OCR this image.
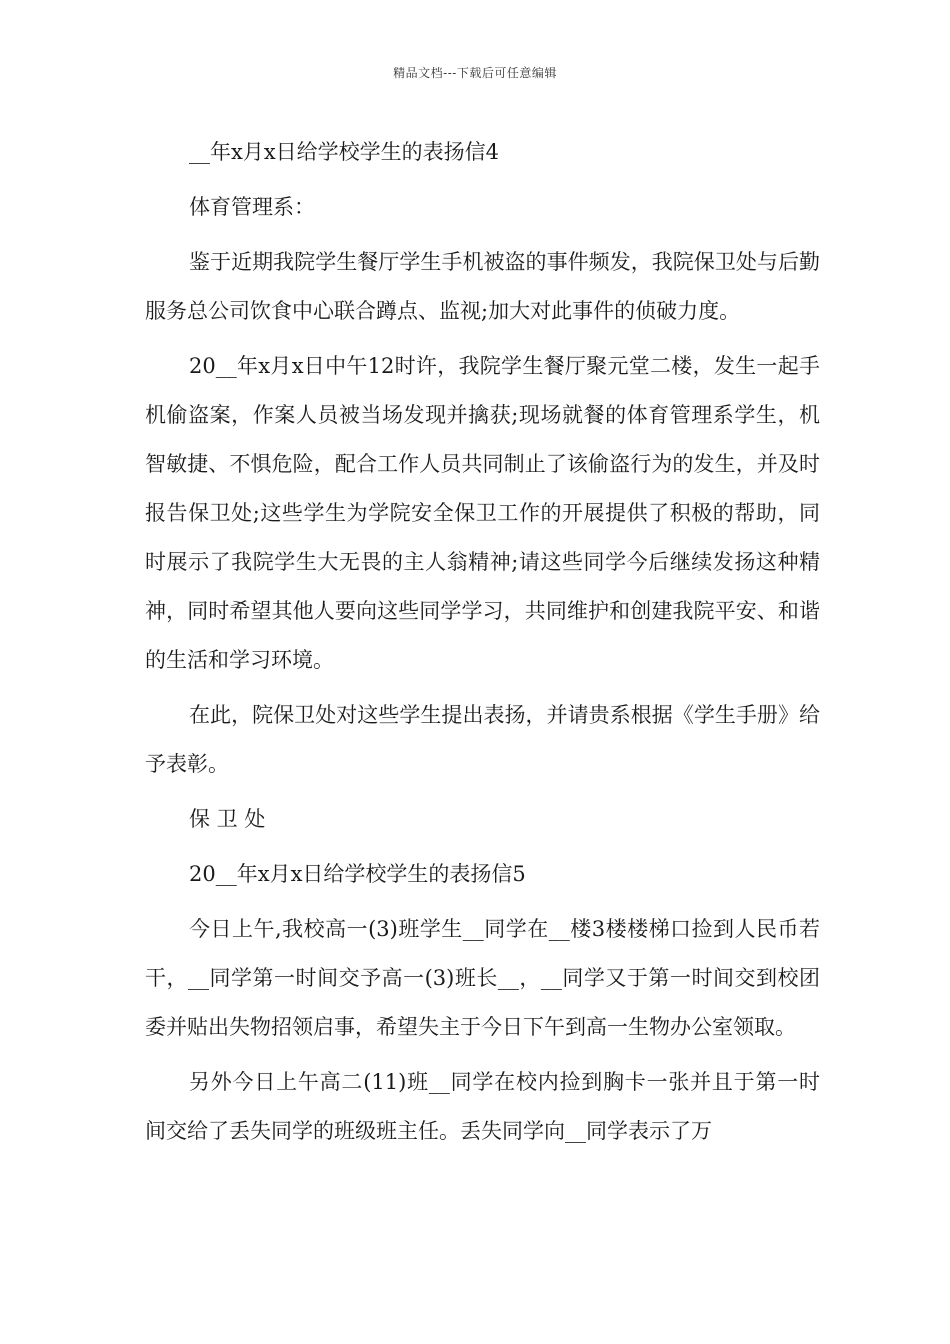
精品文档---下载后可任意编辑

__年x月x日给学校学生的表扬信4

体育管理系：

鉴于近期我院学生餐厅学生手机被盗的事件频发，我院保卫处与后勤服务总公司饮食中心联合蹲点、监视;加大对此事件的侦破力度。

20__年x月x日中午12时许，我院学生餐厅聚元堂二楼，发生一起手机偷盗案，作案人员被当场发现并擒获;现场就餐的体育管理系学生，机智敏捷、不惧危险，配合工作人员共同制止了该偷盗行为的发生，并及时报告保卫处;这些学生为学院安全保卫工作的开展提供了积极的帮助，同时展示了我院学生大无畏的主人翁精神;请这些同学今后继续发扬这种精神，同时希望其他人要向这些同学学习，共同维护和创建我院平安、和谐的生活和学习环境。

在此，院保卫处对这些学生提出表扬，并请贵系根据《学生手册》给予表彰。

保 卫 处

20__年x月x日给学校学生的表扬信5

今日上午,我校高一(3)班学生__同学在__楼3楼楼梯口捡到人民币若干，__同学第一时间交予高一(3)班长__，__同学又于第一时间交到校团委并贴出失物招领启事，希望失主于今日下午到高一生物办公室领取。

另外今日上午高二(11)班__同学在校内捡到胸卡一张并且于第一时间交给了丢失同学的班级班主任。丢失同学向__同学表示了万
